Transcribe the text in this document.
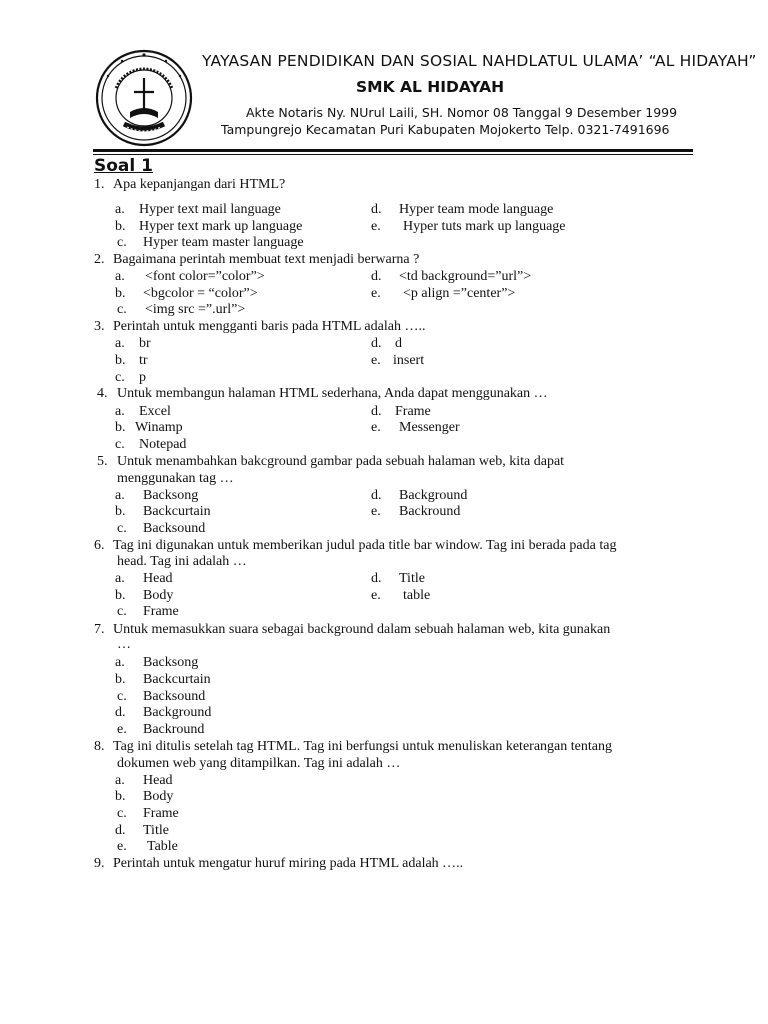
YAYASAN PENDIDIKAN DAN SOSIAL NAHDLATUL ULAMA’ “AL HIDAYAH”
SMK AL HIDAYAH
Akte Notaris Ny. NUrul Laili, SH. Nomor 08 Tanggal 9 Desember 1999
Tampungrejo Kecamatan Puri Kabupaten Mojokerto Telp. 0321-7491696
Soal 1
1. Apa kepanjangan dari HTML?
a. Hyper text mail language
b. Hyper text mark up language
c. Hyper team master language
d. Hyper team mode language
e. Hyper tuts mark up language
2. Bagaimana perintah membuat text menjadi berwarna ?
a. <font color=”color”>
b. <bgcolor = “color”>
c. <img src =”.url”>
d. <td background=”url”>
e. <p align =”center”>
3. Perintah untuk mengganti baris pada HTML adalah …..
a. br
b. tr
c. p
d. d
e. insert
4. Untuk membangun halaman HTML sederhana, Anda dapat menggunakan …
a. Excel
b. Winamp
c. Notepad
d. Frame
e. Messenger
5. Untuk menambahkan bakcground gambar pada sebuah halaman web, kita dapat
menggunakan tag …
a. Backsong
b. Backcurtain
c. Backsound
d. Background
e. Backround
6. Tag ini digunakan untuk memberikan judul pada title bar window. Tag ini berada pada tag
head. Tag ini adalah …
a. Head
b. Body
c. Frame
d. Title
e. table
7. Untuk memasukkan suara sebagai background dalam sebuah halaman web, kita gunakan
…
a. Backsong
b. Backcurtain
c. Backsound
d. Background
e. Backround
8. Tag ini ditulis setelah tag HTML. Tag ini berfungsi untuk menuliskan keterangan tentang
dokumen web yang ditampilkan. Tag ini adalah …
a. Head
b. Body
c. Frame
d. Title
e. Table
9. Perintah untuk mengatur huruf miring pada HTML adalah …..
